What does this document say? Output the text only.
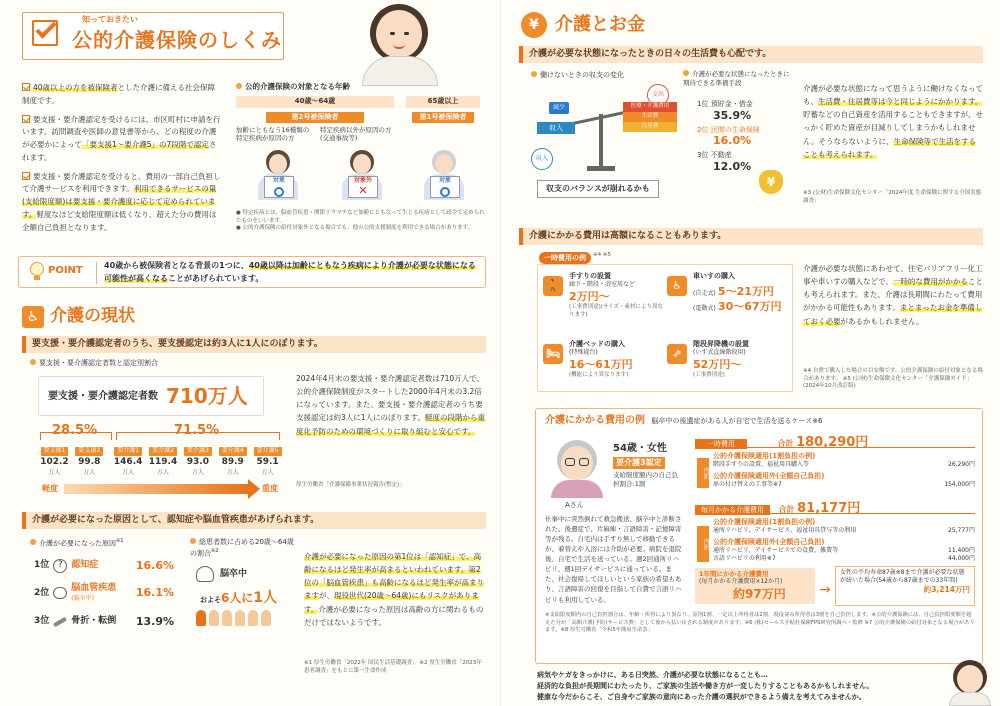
知っておきたい
公的介護保険のしくみ
40歳以上の方を被保険者とした介護に備える社会保障制度です。
要支援・要介護認定を受けるには、市区町村に申請を行います。訪問調査や医師の意見書等から、どの程度の介護が必要かによって「要支援1～要介護5」の7段階で認定されます。
要支援・要介護認定を受けると、費用の一部自己負担して介護サービスを利用できます。利用できるサービスの量(支給限度額)は要支援・要介護度に応じて定められています。軽度なほど支給限度額は低くなり、超えた分の費用は全額自己負担となります。
公的介護保険の対象となる年齢
40歳～64歳	65歳以上
第2号被保険者	第1号被保険者
加齢にともなう16種類の特定疾病が原因の方
特定疾病以外が原因の方(交通事故等)
対象	対象外
✕
対象
● 特定疾病とは、脳血管疾患・関節リウマチなど加齢にともなって生じる疾病として政令で定められたものをいいます。
● 公的介護保険の給付対象外となる場合でも、他の公的支援制度を利用できる場合があります。
POINT	40歳から被保険者となる背景の1つに、40歳以降は加齢にともなう疾病により介護が必要な状態になる可能性が高くなることがあげられています。
♿ 介護の現状
要支援・要介護認定者のうち、要支援認定は約3人に1人にのぼります。
要支援・要介護認定者数と認定別割合
要支援・要介護認定者数 710万人
28.5%	71.5%
要支援1
102.2
万人
要支援2
99.8
万人
要介護1
146.4
万人
要介護2
119.4
万人
要介護3
93.0
万人
要介護4
89.9
万人
要介護5
59.1
万人
軽度	重度
2024年4月末の要支援・要介護認定者数は710万人で、公的介護保険制度がスタートした2000年4月末の3.2倍になっています。また、要支援・要介護認定者のうち要支援認定は約3人に1人にのぼります。軽度の段階から重度化予防のための環境づくりに取り組むと安心です。
厚生労働省「介護保険事業状況報告(暫定)」
介護が必要になった原因として、認知症や脳血管疾患があげられます。
介護が必要になった原因$^{※1}$
1位 ? 認知症	16.6%
2位 脳血管疾患
(脳卒中)	16.1%
3位 骨折・転倒 13.9%
総患者数に占める20歳～64歳の割合$^{※2}$
脳卒中
およそ6人に1人
介護が必要になった原因の第1位は「認知症」で、高齢になるほど発生率が高まるといわれています。第2位の「脳血管疾患」も高齢になるほど発生率が高まりますが、現役世代(20歳～64歳)にもリスクがあります。介護が必要になった原因は高齢の方に関わるものだけではないようです。
※1 厚生労働省「2022年 国民生活基礎調査」 ※2 厚生労働省「2023年 患者調査」をもとに第一生命作成
¥ 介護とお金
介護が必要な状態になったときの日々の生活費も心配です。
働けないときの収支の変化
減少
収入
支出
医療・介護費用
生活費
住居費
収入
収支のバランスが崩れるかも
介護が必要な状態になったときに期待できる準備手段
1位 預貯金・借金
35.9%
2位 民間の生命保険
16.0%
3位 不動産
12.0%
¥
介護が必要な状態になって思うように働けなくなっても、生活費・住居費等は今と同じようにかかります。貯蓄などの自己資産を活用することもできますが、せっかく貯めた資産が目減りしてしまうかもしれません。そうならないように、生命保険等で生活をすることも考えられます。
※3 (公財)生命保険文化センター「2024年度 生命保険に関する全国実態調査」
介護にかかる費用は高額になることもあります。
一時費用の例	※4 ※5
🚶
手すりの設置
廊下・階段・浴室用など
2万円～
(工事費別途)(サイズ・素材により異なります)
♿
車いすの購入
(自走式) 5～21万円
(電動式) 30～67万円
🛏
介護ベッドの購入
(特殊寝台)
16～61万円
(機能により異なります)
⇗
階段昇降機の設置
(いす式直線階段用)
52万円～
(工事費別途)
介護が必要な状態にあわせて、住宅バリアフリー化工事や車いすの購入などで、一時的な費用がかかることも考えられます。また、介護は長期間にわたって費用がかかる可能性もあります。まとまったお金を準備しておく必要があるかもしれません。
※4 自費で購入した場合の目安額です。公的介護保険の給付対象となる場合があります。 ※5 (公財)生命保険文化センター「介護保険ガイド」(2024年10月改訂版)
介護にかかる費用の例 脳卒中の後遺症がある人が自宅で生活を送るケース※6
Aさん
54歳・女性
要介護3認定
支給限度額内の自己負担割合:1割
仕事中に突然倒れて救急搬送、脳卒中と診断された。後遺症で、片麻痺・言語障害・記憶障害等が残る。自宅内は手すり無しで移動できるが、着替えや入浴には介助が必要。病院を退院後、自宅で生活を送っている。週2回通所リハビリ、週1回デイサービスに通っている。また、社会復帰してほしいという家族の希望もあり、言語障害の回復を目指して自費で言語リハビリも利用している。
一時費用	合計 180,290円
内訳
公的介護保険適用(1割負担の例)
階段手すりの設置、福祉用具購入等	26,290円
公的介護保険適用外(全額自己負担)
扉の付け替えの工事等※7	154,000円
毎月かかる介護費用 合計 81,177円
内訳
公的介護保険適用(1割負担の例)
通所リハビリ、デイサービス、福祉用具貸与等の利用	25,777円
公的介護保険適用外(全額自己負担)
通所リハビリ、デイサービスでの食費、雑費等	11,400円
言語リハビリの利用※7	44,000円
1年間にかかる介護費用
(毎月かかる介護費用×12か月)
約97万円 →
女性の平均寿命87歳※8まで介護が必要な状態が続いた場合(54歳から87歳までの33年間)
約3,214万円
※支給限度額内の自己負担割合は、年齢・所得により異なり、原則1割、一定以上所得者は2割、現役並み所得者は3割を自己負担します。※公的介護保険には、自己負担限度額を超えた分が「高額介護(予防)サービス費」として後から払い戻される制度があります。※6 (株)セールス手帖社保険FPS研究所調べ・監修 ※7 公的介護保険の給付対象となる場合があります。※8 厚生労働省「令和5年簡易生命表」
病気やケガをきっかけに、ある日突然、介護が必要な状態になることも…
経済的な負担が長期間にわたったり、ご家族の生活や働き方が一変したりすることもあるかもしれません。
健康な今だからこそ、ご自身やご家族の意向にあった介護の選択ができるよう備えを考えてみませんか。
